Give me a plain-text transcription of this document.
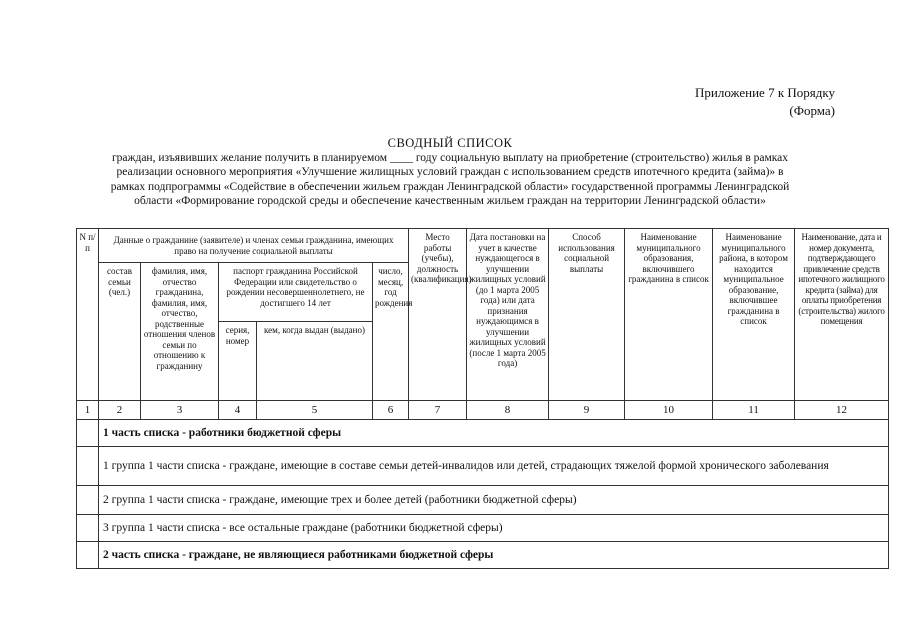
Приложение 7 к Порядку
(Форма)
СВОДНЫЙ СПИСОК
граждан, изъявивших желание получить в планируемом ____ году социальную выплату на приобретение (строительство) жилья в рамках
реализации основного мероприятия «Улучшение жилищных условий граждан с использованием средств ипотечного кредита (займа)» в
рамках подпрограммы «Содействие в обеспечении жильем граждан Ленинградской области» государственной программы Ленинградской
области «Формирование городской среды и обеспечение качественным жильем граждан на территории Ленинградской области»
N п/п	Данные о гражданине (заявителе) и членах семьи гражданина, имеющих право на получение социальной выплаты					Место работы (учебы), должность (квалификация)	Дата постановки на учет в качестве нуждающегося в улучшении жилищных условий (до 1 марта 2005 года) или дата признания нуждающимся в улучшении жилищных условий (после 1 марта 2005 года)	Способ использования социальной выплаты	Наименование муниципального образования, включившего гражданина в список	Наименование муниципального района, в котором находится муниципальное образование, включившее гражданина в список	Наименование, дата и номер документа, подтверждающего привлечение средств ипотечного жилищного кредита (займа) для оплаты приобретения (строительства) жилого помещения
	состав семьи (чел.)	фамилия, имя, отчество гражданина, фамилия, имя, отчество, родственные отношения членов семьи по отношению к гражданину	паспорт гражданина Российской Федерации или свидетельство о рождении несовершеннолетнего, не достигшего 14 лет		число, месяц, год рождения						
			серия, номер	кем, когда выдан (выдано)							
1	2	3	4	5	6	7	8	9	10	11	12
	1 часть списка - работники бюджетной сферы										
	1 группа 1 части списка - граждане, имеющие в составе семьи детей-инвалидов или детей, страдающих тяжелой формой хронического заболевания										
	2 группа 1 части списка - граждане, имеющие трех и более детей (работники бюджетной сферы)										
	3 группа 1 части списка - все остальные граждане (работники бюджетной сферы)										
	2 часть списка - граждане, не являющиеся работниками бюджетной сферы										
